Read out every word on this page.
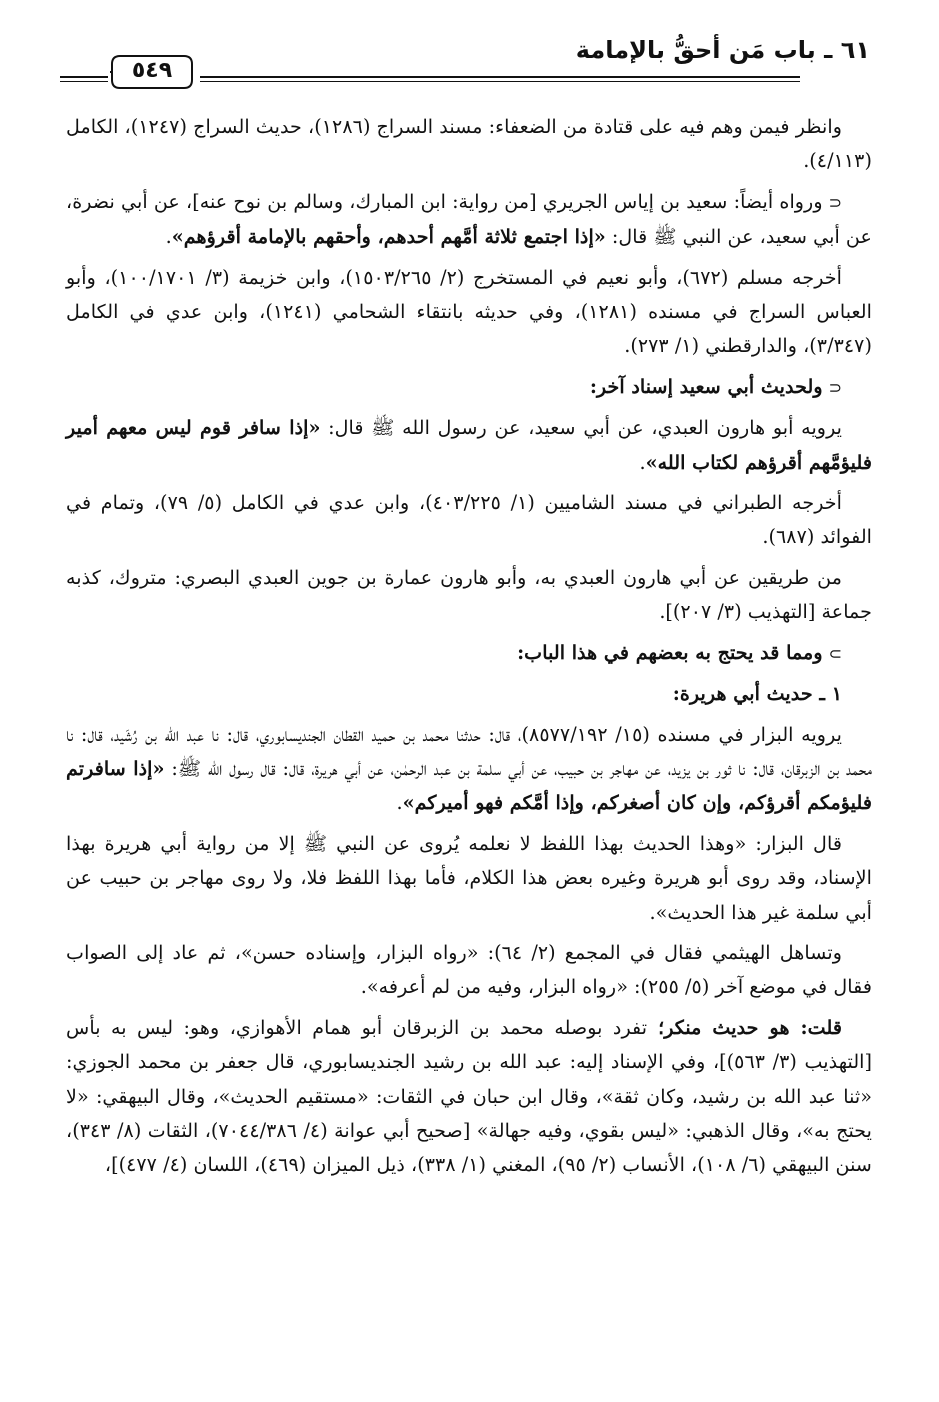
٦١ ـ باب مَن أحقُّ بالإمامة
٥٤٩

وانظر فيمن وهم فيه على قتادة من الضعفاء: مسند السراج (١٢٨٦)، حديث السراج (١٢٤٧)، الكامل (٤/١١٣).

⊂ورواه أيضاً: سعيد بن إياس الجريري [من رواية: ابن المبارك، وسالم بن نوح عنه]، عن أبي نضرة، عن أبي سعيد، عن النبي ﷺ قال: «إذا اجتمع ثلاثة أمَّهم أحدهم، وأحقهم بالإمامة أقرؤهم».

أخرجه مسلم (٦٧٢)، وأبو نعيم في المستخرج (٢/ ١٥٠٣/٢٦٥)، وابن خزيمة (٣/ ١٠٠/١٧٠١)، وأبو العباس السراج في مسنده (١٢٨١)، وفي حديثه بانتقاء الشحامي (١٢٤١)، وابن عدي في الكامل (٣/٣٤٧)، والدارقطني (١/ ٢٧٣).

⊂ولحديث أبي سعيد إسناد آخر:

يرويه أبو هارون العبدي، عن أبي سعيد، عن رسول الله ﷺ قال: «إذا سافر قوم ليس معهم أمير فليؤمَّهم أقرؤهم لكتاب الله».

أخرجه الطبراني في مسند الشاميين (١/ ٤٠٣/٢٢٥)، وابن عدي في الكامل (٥/ ٧٩)، وتمام في الفوائد (٦٨٧).

من طريقين عن أبي هارون العبدي به، وأبو هارون عمارة بن جوين العبدي البصري: متروك، كذبه جماعة [التهذيب (٣/ ٢٠٧)].

⊃ومما قد يحتج به بعضهم في هذا الباب:

١ ـ حديث أبي هريرة:

يرويه البزار في مسنده (١٥/ ٨٥٧٧/١٩٢)، قال: حدثنا محمد بن حميد القطان الجنديسابوري، قال: نا عبد الله بن رُشَيد، قال: نا محمد بن الزبرقان، قال: نا ثور بن يزيد، عن مهاجر بن حبيب، عن أبي سلمة بن عبد الرحمٰن، عن أبي هريرة، قال: قال رسول الله ﷺ: «إذا سافرتم فليؤمكم أقرؤكم، وإن كان أصغركم، وإذا أمَّكم فهو أميركم».

قال البزار: «وهذا الحديث بهذا اللفظ لا نعلمه يُروى عن النبي ﷺ إلا من رواية أبي هريرة بهذا الإسناد، وقد روى أبو هريرة وغيره بعض هذا الكلام، فأما بهذا اللفظ فلا، ولا روى مهاجر بن حبيب عن أبي سلمة غير هذا الحديث».

وتساهل الهيثمي فقال في المجمع (٢/ ٦٤): «رواه البزار، وإسناده حسن»، ثم عاد إلى الصواب فقال في موضع آخر (٥/ ٢٥٥): «رواه البزار، وفيه من لم أعرفه».

قلت: هو حديث منكر؛ تفرد بوصله محمد بن الزبرقان أبو همام الأهوازي، وهو: ليس به بأس [التهذيب (٣/ ٥٦٣)]، وفي الإسناد إليه: عبد الله بن رشيد الجنديسابوري، قال جعفر بن محمد الجوزي: «ثنا عبد الله بن رشيد، وكان ثقة»، وقال ابن حبان في الثقات: «مستقيم الحديث»، وقال البيهقي: «لا يحتج به»، وقال الذهبي: «ليس بقوي، وفيه جهالة» [صحيح أبي عوانة (٤/ ٧٠٤٤/٣٨٦)، الثقات (٨/ ٣٤٣)، سنن البيهقي (٦/ ١٠٨)، الأنساب (٢/ ٩٥)، المغني (١/ ٣٣٨)، ذيل الميزان (٤٦٩)، اللسان (٤/ ٤٧٧)]،
